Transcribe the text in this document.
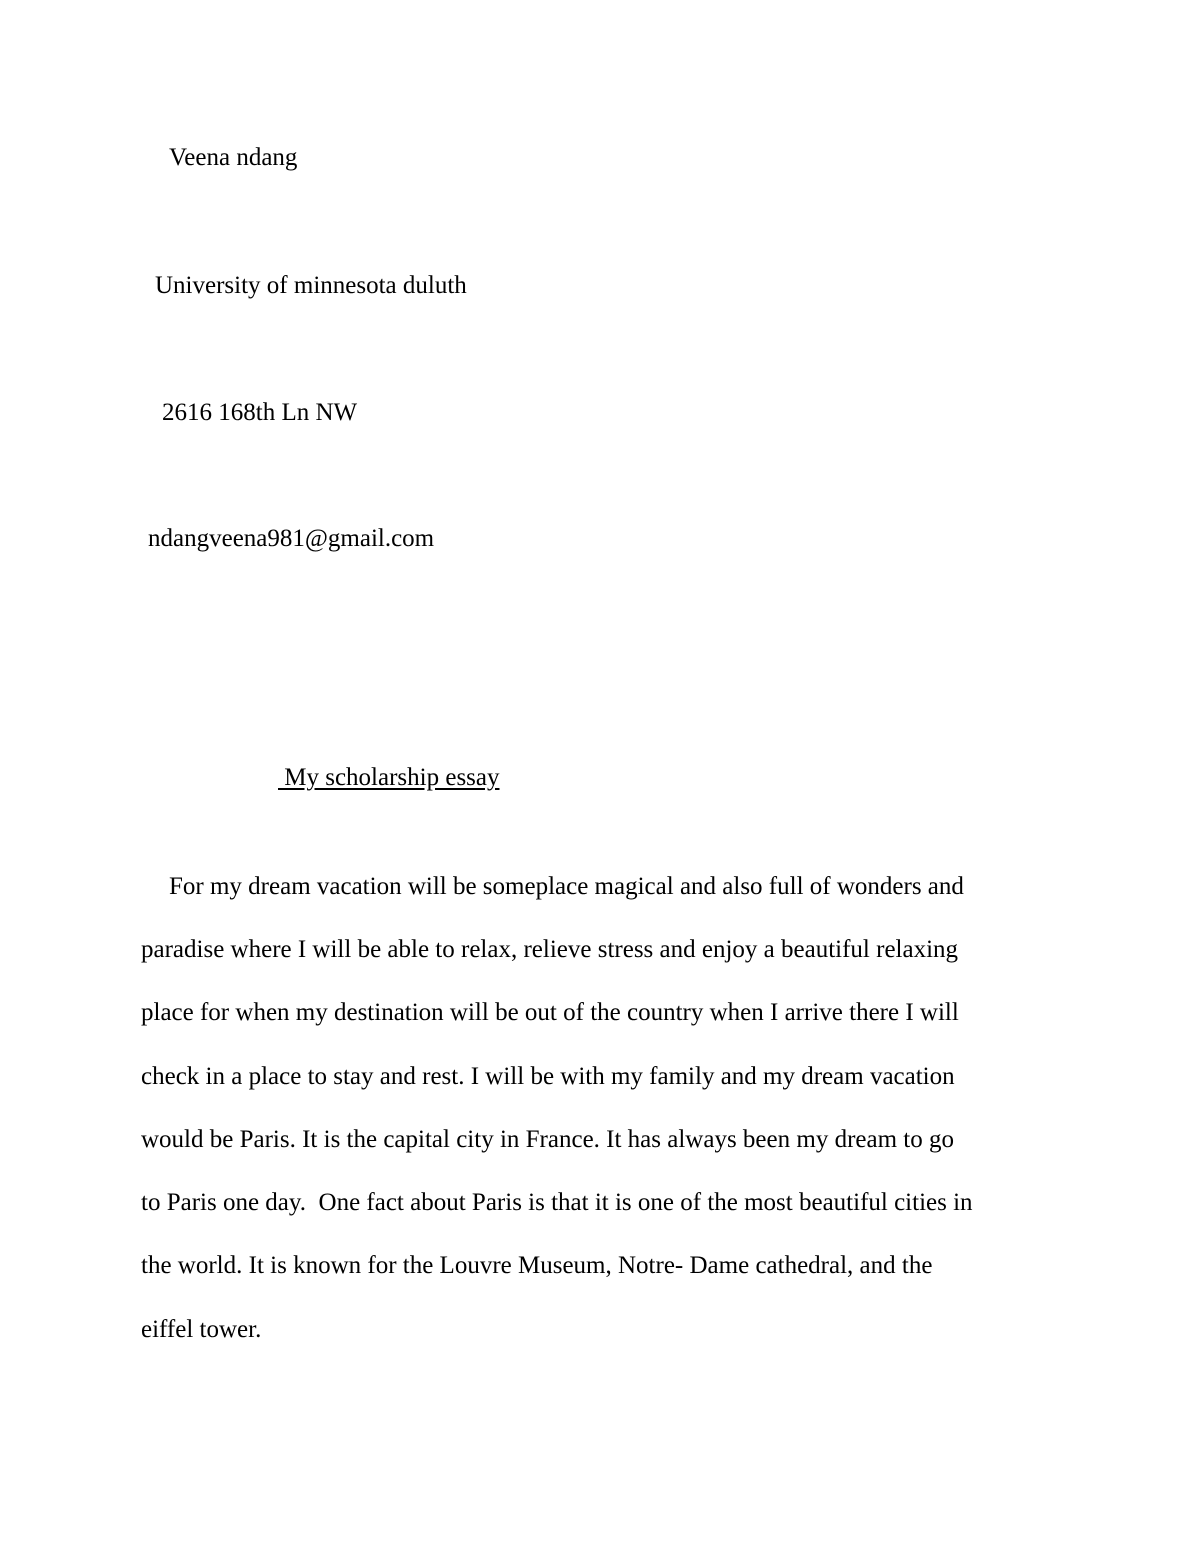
Veena ndang
University of minnesota duluth
2616 168th Ln NW
ndangveena981@gmail.com
My scholarship essay
For my dream vacation will be someplace magical and also full of wonders and
paradise where I will be able to relax, relieve stress and enjoy a beautiful relaxing
place for when my destination will be out of the country when I arrive there I will
check in a place to stay and rest. I will be with my family and my dream vacation
would be Paris. It is the capital city in France. It has always been my dream to go
to Paris one day.  One fact about Paris is that it is one of the most beautiful cities in
the world. It is known for the Louvre Museum, Notre- Dame cathedral, and the
eiffel tower.
